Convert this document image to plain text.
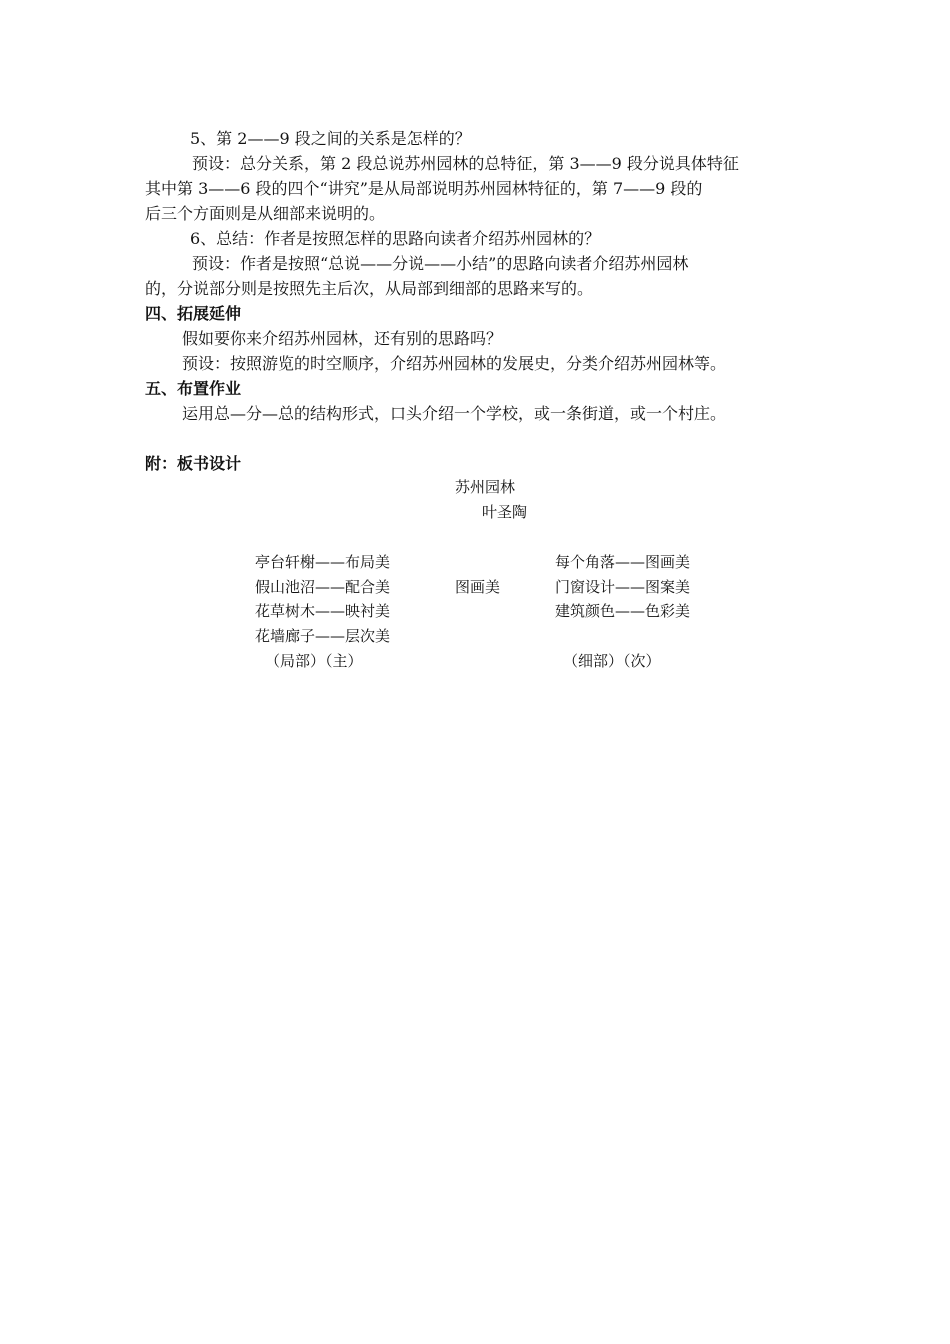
5、第 2——9 段之间的关系是怎样的？
预设：总分关系，第 2 段总说苏州园林的总特征，第 3——9 段分说具体特征
其中第 3——6 段的四个“讲究”是从局部说明苏州园林特征的，第 7——9 段的
后三个方面则是从细部来说明的。
6、总结：作者是按照怎样的思路向读者介绍苏州园林的？
预设：作者是按照“总说——分说——小结”的思路向读者介绍苏州园林
的，分说部分则是按照先主后次，从局部到细部的思路来写的。
四、拓展延伸
假如要你来介绍苏州园林，还有别的思路吗？
预设：按照游览的时空顺序，介绍苏州园林的发展史，分类介绍苏州园林等。
五、布置作业
运用总—分—总的结构形式，口头介绍一个学校，或一条街道，或一个村庄。
附：板书设计
苏州园林
叶圣陶
亭台轩榭——布局美
假山池沼——配合美
花草树木——映衬美
花墙廊子——层次美
图画美
每个角落——图画美
门窗设计——图案美
建筑颜色——色彩美
（局部）（主）	（细部）（次）
